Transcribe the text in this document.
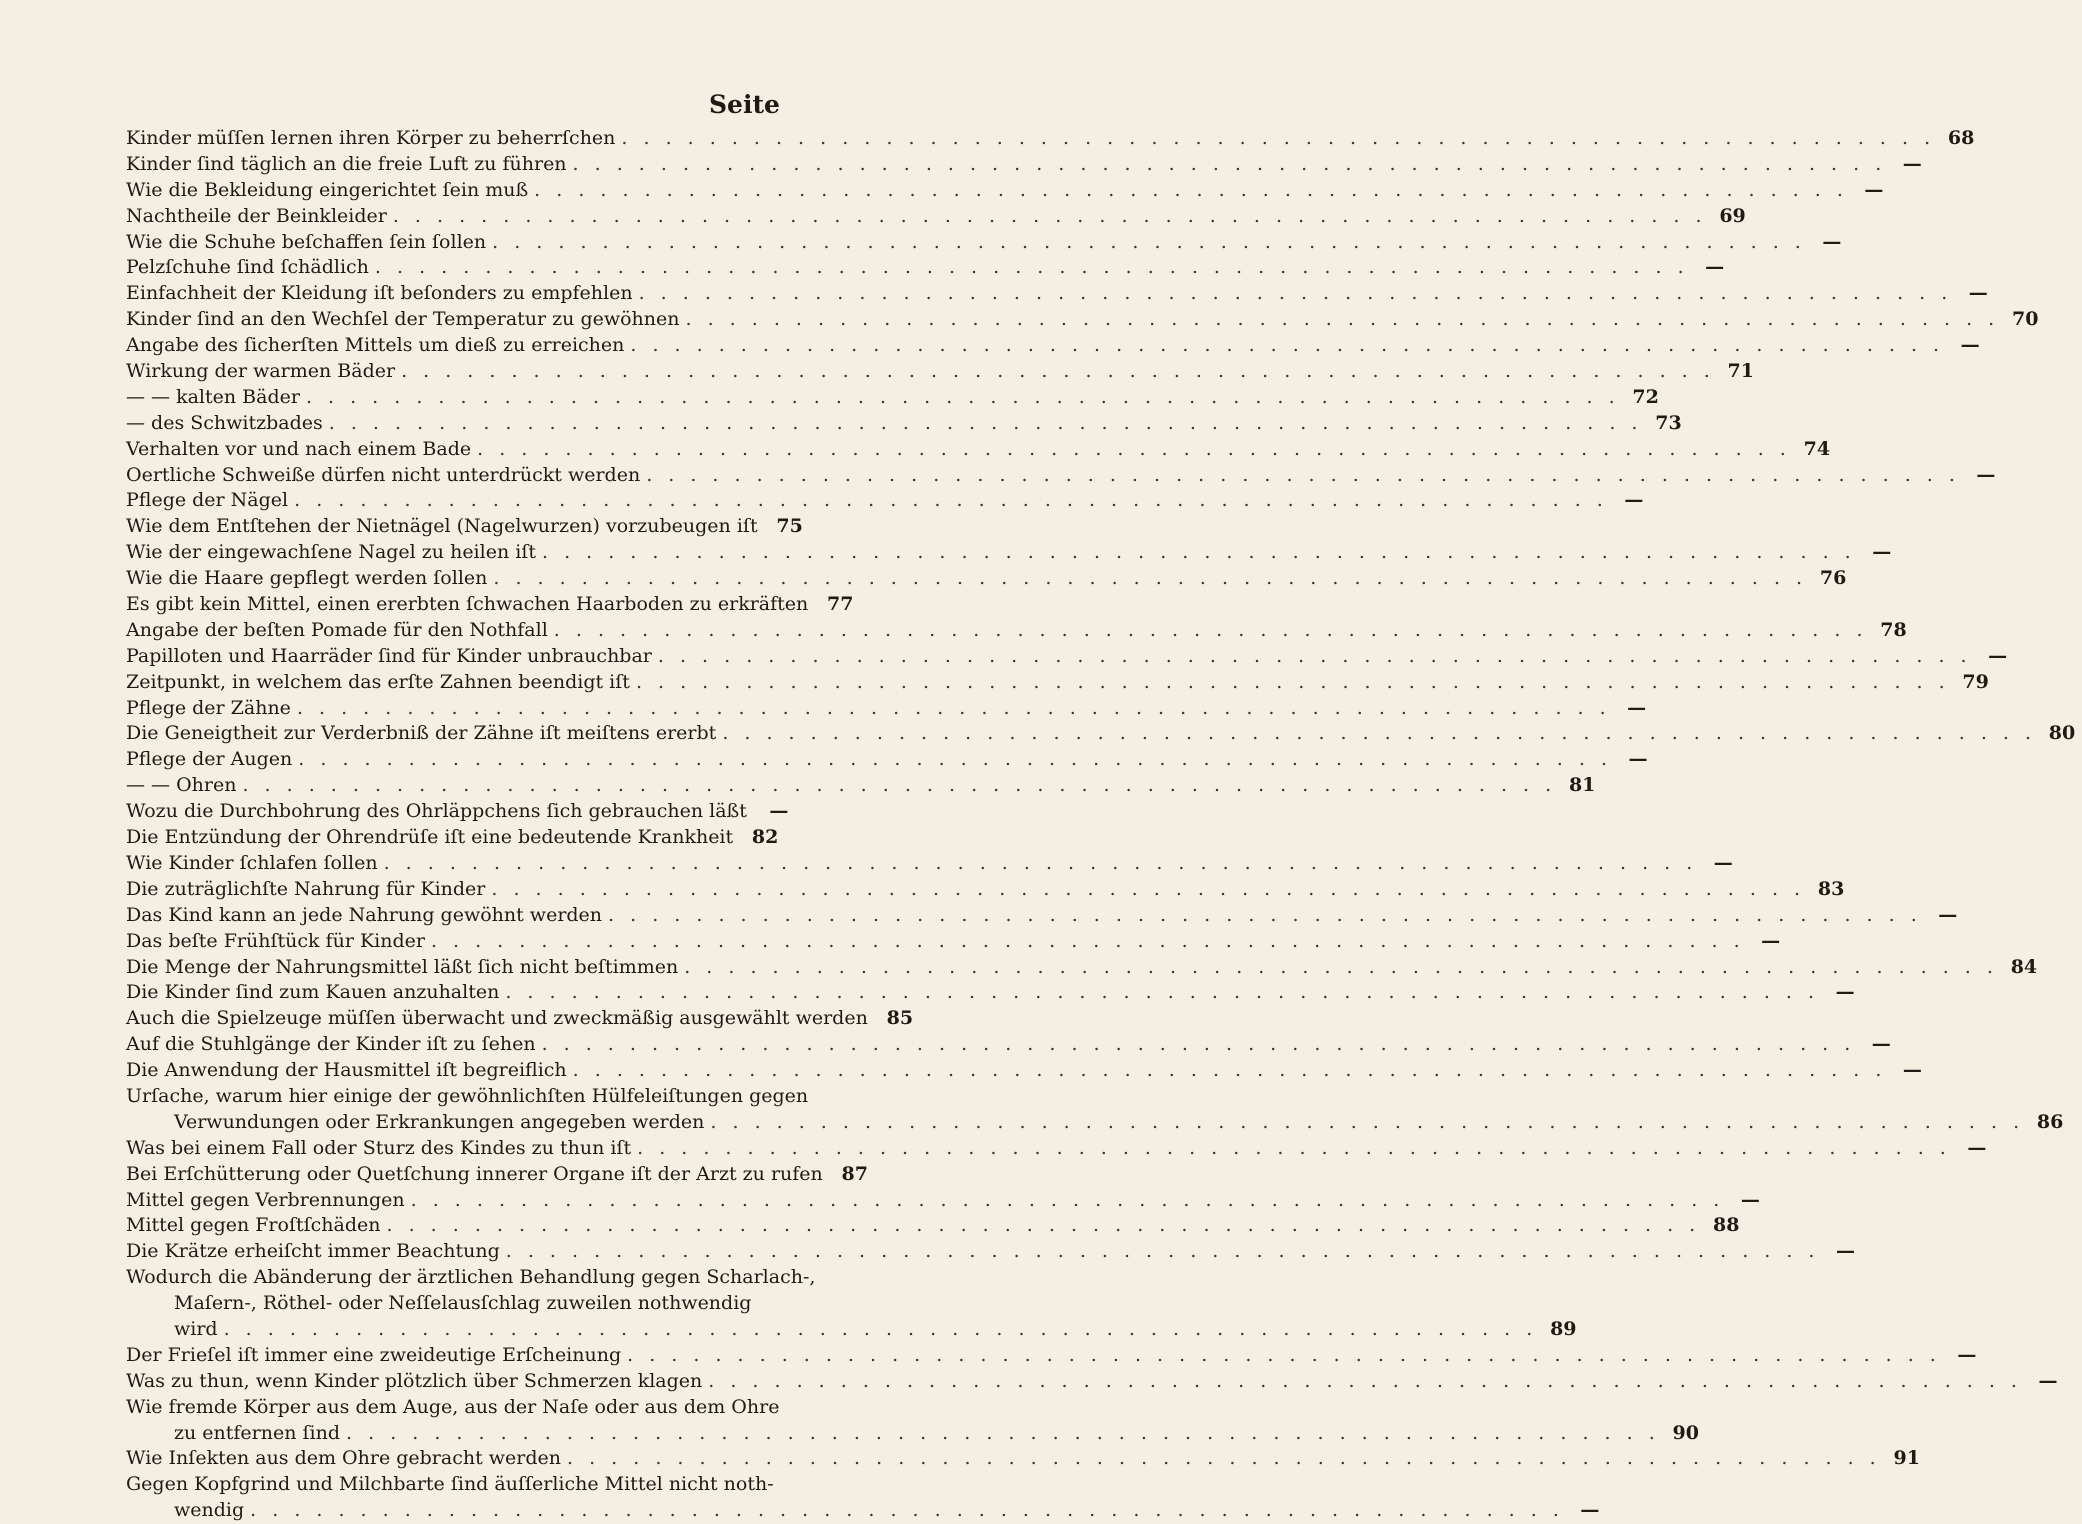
Seite
Kinder müſſen lernen ihren Körper zu beherrſchen . . .	68
Kinder ſind täglich an die freie Luft zu führen . . .	—
Wie die Bekleidung eingerichtet ſein muß . . .	—
Nachtheile der Beinkleider . . .	69
Wie die Schuhe beſchaffen ſein ſollen . . .	—
Pelzſchuhe ſind ſchädlich . . .	—
Einfachheit der Kleidung iſt beſonders zu empfehlen . . .	—
Kinder ſind an den Wechſel der Temperatur zu gewöhnen . . .	70
Angabe des ſicherſten Mittels um dieß zu erreichen . . .	—
Wirkung der warmen Bäder . . .	71
— — kalten Bäder . . .	72
— des Schwitzbades . . .	73
Verhalten vor und nach einem Bade . . .	74
Oertliche Schweiße dürfen nicht unterdrückt werden . . .	—
Pflege der Nägel . . .	—
Wie dem Entſtehen der Nietnägel (Nagelwurzen) vorzubeugen iſt 75
Wie der eingewachſene Nagel zu heilen iſt . . .	—
Wie die Haare gepflegt werden ſollen . . .	76
Es gibt kein Mittel, einen ererbten ſchwachen Haarboden zu erkräften 77
Angabe der beſten Pomade für den Nothfall . . .	78
Papilloten und Haarräder ſind für Kinder unbrauchbar . . .	—
Zeitpunkt, in welchem das erſte Zahnen beendigt iſt . . .	79
Pflege der Zähne . . .	—
Die Geneigtheit zur Verderbniß der Zähne iſt meiſtens ererbt . . .	80
Pflege der Augen . . .	—
— — Ohren . . .	81
Wozu die Durchbohrung des Ohrläppchens ſich gebrauchen läßt	—
Die Entzündung der Ohrendrüſe iſt eine bedeutende Krankheit 82
Wie Kinder ſchlafen ſollen . . .	—
Die zuträglichſte Nahrung für Kinder . . .	83
Das Kind kann an jede Nahrung gewöhnt werden . . .	—
Das beſte Frühſtück für Kinder . . .	—
Die Menge der Nahrungsmittel läßt ſich nicht beſtimmen . . .	84
Die Kinder ſind zum Kauen anzuhalten . . .	—
Auch die Spielzeuge müſſen überwacht und zweckmäßig ausgewählt werden 85
Auf die Stuhlgänge der Kinder iſt zu ſehen . . .	—
Die Anwendung der Hausmittel iſt begreiflich . . .	—
Urſache, warum hier einige der gewöhnlichſten Hülfeleiſtungen gegen
Verwundungen oder Erkrankungen angegeben werden . . .	86
Was bei einem Fall oder Sturz des Kindes zu thun iſt . . .	—
Bei Erſchütterung oder Quetſchung innerer Organe iſt der Arzt zu rufen 87
Mittel gegen Verbrennungen . . .	—
Mittel gegen Froſtſchäden . . .	88
Die Krätze erheiſcht immer Beachtung . . .	—
Wodurch die Abänderung der ärztlichen Behandlung gegen Scharlach-,
Maſern-, Röthel- oder Neſſelausſchlag zuweilen nothwendig
wird . . .	89
Der Frieſel iſt immer eine zweideutige Erſcheinung . . .	—
Was zu thun, wenn Kinder plötzlich über Schmerzen klagen . . .	—
Wie fremde Körper aus dem Auge, aus der Naſe oder aus dem Ohre
zu entfernen ſind . . .	90
Wie Inſekten aus dem Ohre gebracht werden . . .	91
Gegen Kopfgrind und Milchbarte ſind äuſſerliche Mittel nicht noth-
wendig . . .	—
